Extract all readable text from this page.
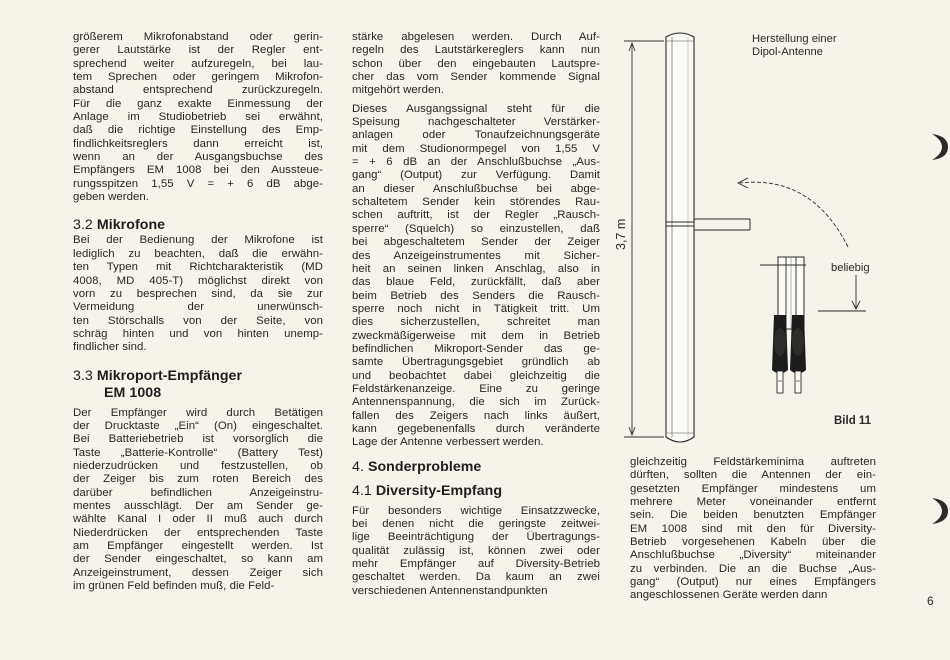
größerem Mikrofonabstand oder gerin-
gerer Lautstärke ist der Regler ent-
sprechend weiter aufzuregeln, bei lau-
tem Sprechen oder geringem Mikrofon-
abstand entsprechend zurückzuregeln.
Für die ganz exakte Einmessung der
Anlage im Studiobetrieb sei erwähnt,
daß die richtige Einstellung des Emp-
findlichkeitsreglers dann erreicht ist,
wenn an der Ausgangsbuchse des
Empfängers EM 1008 bei den Aussteue-
rungsspitzen 1,55 V = + 6 dB abge-
geben werden.
3.2 Mikrofone
Bei der Bedienung der Mikrofone ist
lediglich zu beachten, daß die erwähn-
ten Typen mit Richtcharakteristik (MD
4008, MD 405-T) möglichst direkt von
vorn zu besprechen sind, da sie zur
Vermeidung der unerwünsch-
ten Störschalls von der Seite, von
schräg hinten und von hinten unemp-
findlicher sind.
3.3 Mikroport-Empfänger
EM 1008
Der Empfänger wird durch Betätigen
der Drucktaste „Ein“ (On) eingeschaltet.
Bei Batteriebetrieb ist vorsorglich die
Taste „Batterie-Kontrolle“ (Battery Test)
niederzudrücken und festzustellen, ob
der Zeiger bis zum roten Bereich des
darüber befindlichen Anzeigeinstru-
mentes ausschlägt. Der am Sender ge-
wählte Kanal I oder II muß auch durch
Niederdrücken der entsprechenden Taste
am Empfänger eingestellt werden. Ist
der Sender eingeschaltet, so kann am
Anzeigeinstrument, dessen Zeiger sich
im grünen Feld befinden muß, die Feld-
stärke abgelesen werden. Durch Auf-
regeln des Lautstärkereglers kann nun
schon über den eingebauten Lautspre-
cher das vom Sender kommende Signal
mitgehört werden.
Dieses Ausgangssignal steht für die
Speisung nachgeschalteter Verstärker-
anlagen oder Tonaufzeichnungsgeräte
mit dem Studionormpegel von 1,55 V
= + 6 dB an der Anschlußbuchse „Aus-
gang“ (Output) zur Verfügung. Damit
an dieser Anschlußbuchse bei abge-
schaltetem Sender kein störendes Rau-
schen auftritt, ist der Regler „Rausch-
sperre“ (Squelch) so einzustellen, daß
bei abgeschaltetem Sender der Zeiger
des Anzeigeinstrumentes mit Sicher-
heit an seinen linken Anschlag, also in
das blaue Feld, zurückfällt, daß aber
beim Betrieb des Senders die Rausch-
sperre noch nicht in Tätigkeit tritt. Um
dies sicherzustellen, schreitet man
zweckmäßigerweise mit dem in Betrieb
befindlichen Mikroport-Sender das ge-
samte Übertragungsgebiet gründlich ab
und beobachtet dabei gleichzeitig die
Feldstärkenanzeige. Eine zu geringe
Antennenspannung, die sich im Zurück-
fallen des Zeigers nach links äußert,
kann gegebenenfalls durch veränderte
Lage der Antenne verbessert werden.
4. Sonderprobleme
4.1 Diversity-Empfang
Für besonders wichtige Einsatzzwecke,
bei denen nicht die geringste zeitwei-
lige Beeinträchtigung der Übertragungs-
qualität zulässig ist, können zwei oder
mehr Empfänger auf Diversity-Betrieb
geschaltet werden. Da kaum an zwei
verschiedenen Antennenstandpunkten
gleichzeitig Feldstärkeminima auftreten
dürften, sollten die Antennen der ein-
gesetzten Empfänger mindestens um
mehrere Meter voneinander entfernt
sein. Die beiden benutzten Empfänger
EM 1008 sind mit den für Diversity-
Betrieb vorgesehenen Kabeln über die
Anschlußbuchse „Diversity“ miteinander
zu verbinden. Die an die Buchse „Aus-
gang“ (Output) nur eines Empfängers
angeschlossenen Geräte werden dann
Herstellung einer
Dipol-Antenne
3,7 m
beliebig
Bild 11
6
